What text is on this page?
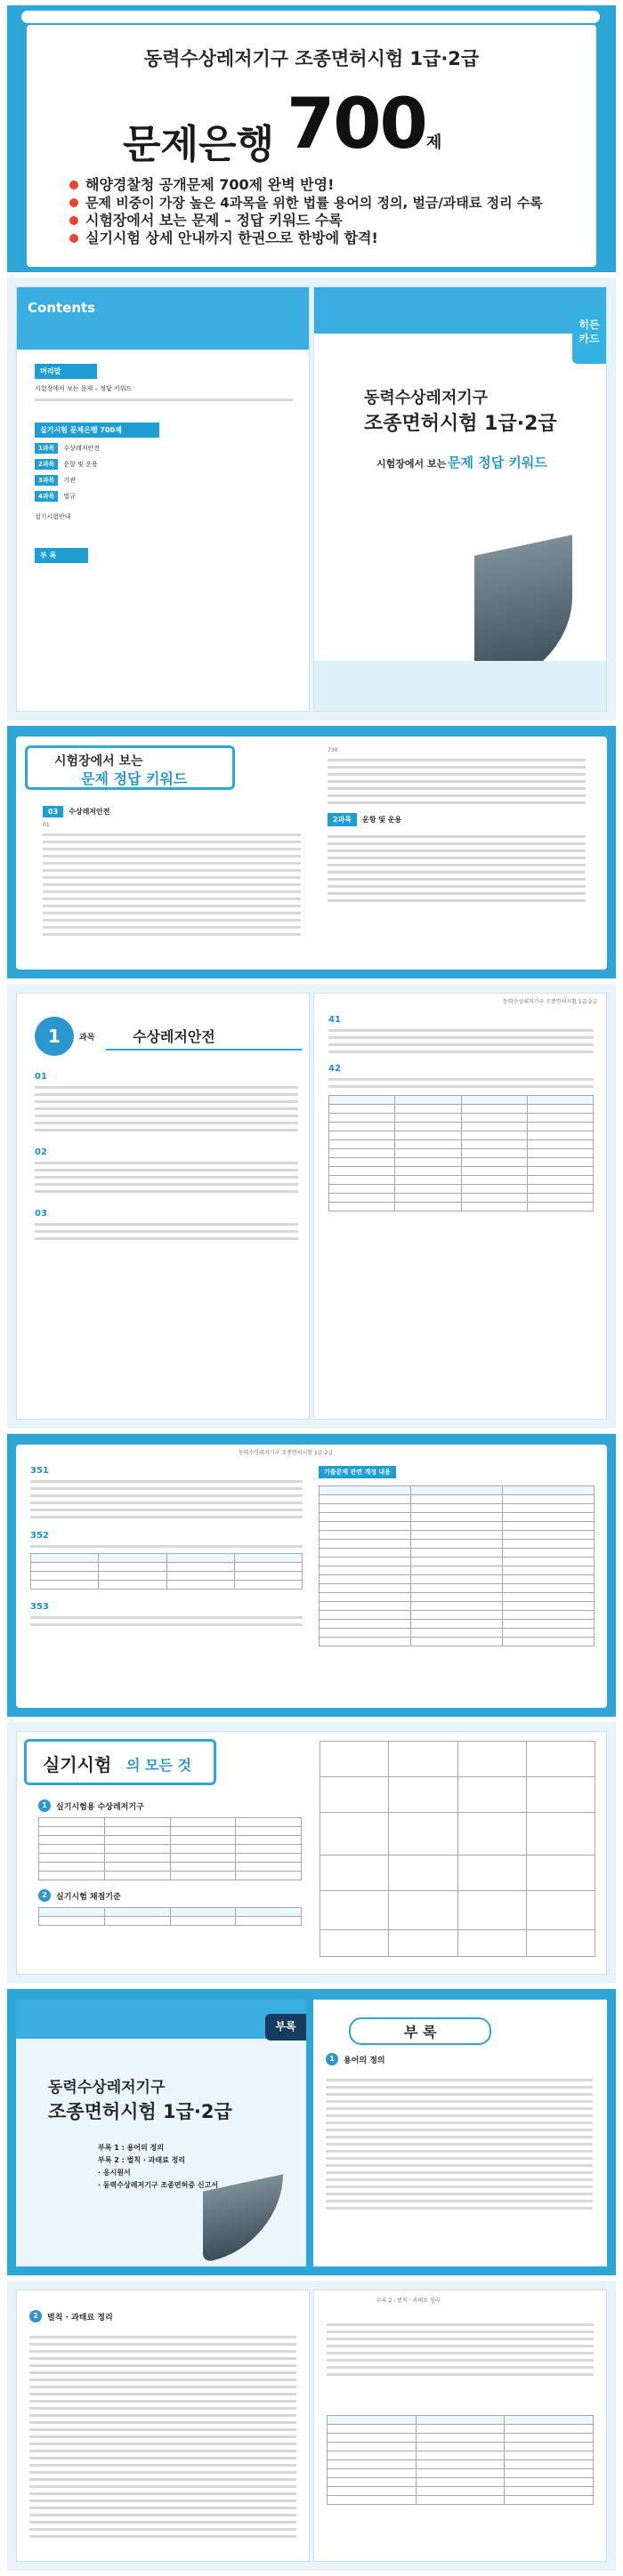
동력수상레저기구 조종면허시험 1급·2급
문제은행 700제
해양경찰청 공개문제 700제 완벽 반영!
문제 비중이 가장 높은 4과목을 위한 법률 용어의 정의, 벌금/과태료 정리 수록
시험장에서 보는 문제 – 정답 키워드 수록
실기시험 상세 안내까지 한권으로 한방에 합격!
Contents
머리말
시험장에서 보는 문제 – 정답 키워드
실기시험 문제은행 700제
1과목	수상레저안전
2과목	운항 및 운용
3과목	기관
4과목	법규
실기시험안내
부 록
히든
카드
동력수상레저기구
조종면허시험 1급·2급
시험장에서 보는 문제 정답 키워드
시험장에서 보는
문제 정답 키워드
03	수상레저안전
01
730
2과목	운항 및 운용
1	과목	수상레저안전
01
02
03
동력수상레저기구 조종면허시험 1급·2급
41
42

동력수상레저기구 조종면허시험 1급·2급
351
352

353
기출문제 관련 개정 내용

실기시험 의 모든 것
1	실기시험용 수상레저기구

2	실기시험 채점기준

부록
동력수상레저기구
조종면허시험 1급·2급
부록 1 : 용어의 정의
부록 2 : 벌칙 · 과태료 정리
· 응시원서
· 동력수상레저기구 조종면허증 신고서
부 록
1	용어의 정의
2	벌칙 · 과태료 정리
부록 2 : 벌칙 · 과태료 정리
